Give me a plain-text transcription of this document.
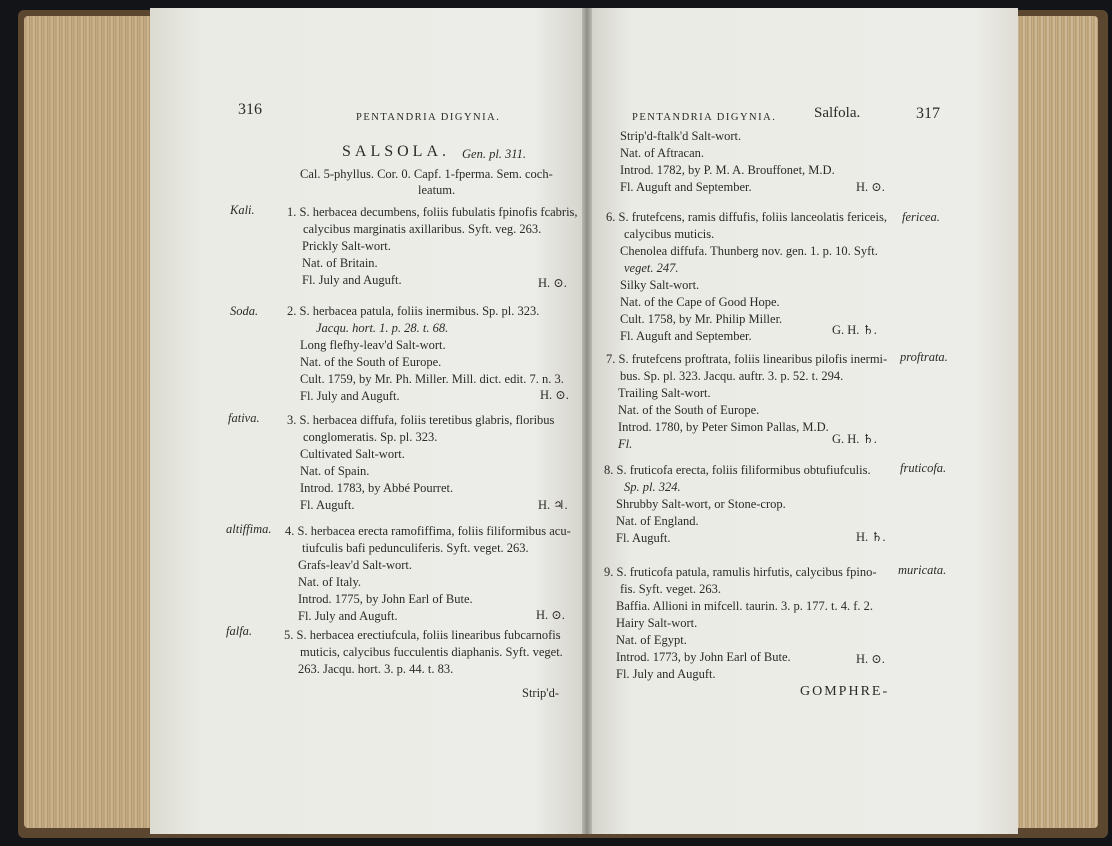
316	PENTANDRIA DIGYNIA.
SALSOLA. Gen. pl. 311.
Cal. 5-phyllus. Cor. 0. Capf. 1-fperma. Sem. coch-
leatum.
Kali.	1. S. herbacea decumbens, foliis fubulatis fpinofis fcabris,
calycibus marginatis axillaribus. Syft. veg. 263.
Prickly Salt-wort.
Nat. of Britain.
Fl. July and Auguft.	H. ⊙.
Soda. 2. S. herbacea patula, foliis inermibus. Sp. pl. 323.
Jacqu. hort. 1. p. 28. t. 68.
Long flefhy-leav'd Salt-wort.
Nat. of the South of Europe.
Cult. 1759, by Mr. Ph. Miller. Mill. dict. edit. 7. n. 3.
Fl. July and Auguft.	H. ⊙.
fativa. 3. S. herbacea diffufa, foliis teretibus glabris, floribus
conglomeratis. Sp. pl. 323.
Cultivated Salt-wort.
Nat. of Spain.
Introd. 1783, by Abbé Pourret.
Fl. Auguft.	H. ♃.
altiffima. 4. S. herbacea erecta ramofiffima, foliis filiformibus acu-
tiufculis bafi pedunculiferis. Syft. veget. 263.
Grafs-leav'd Salt-wort.
Nat. of Italy.
Introd. 1775, by John Earl of Bute.
Fl. July and Auguft.	H. ⊙.
falfa.	5. S. herbacea erectiufcula, foliis linearibus fubcarnofis
muticis, calycibus fucculentis diaphanis. Syft. veget.
263. Jacqu. hort. 3. p. 44. t. 83.
Strip'd-
PENTANDRIA DIGYNIA.	Salfola.	317
Strip'd-ftalk'd Salt-wort.
Nat. of Aftracan.
Introd. 1782, by P. M. A. Brouffonet, M.D.
Fl. Auguft and September.	H. ⊙.
6. S. frutefcens, ramis diffufis, foliis lanceolatis fericeis, fericea.
calycibus muticis.
Chenolea diffufa. Thunberg nov. gen. 1. p. 10. Syft.
veget. 247.
Silky Salt-wort.
Nat. of the Cape of Good Hope.
Cult. 1758, by Mr. Philip Miller.
Fl. Auguft and September.	G. H. ♄.
7. S. frutefcens proftrata, foliis linearibus pilofis inermi- proftrata.
bus. Sp. pl. 323. Jacqu. auftr. 3. p. 52. t. 294.
Trailing Salt-wort.
Nat. of the South of Europe.
Introd. 1780, by Peter Simon Pallas, M.D.
Fl.	G. H. ♄.
8. S. fruticofa erecta, foliis filiformibus obtufiufculis. fruticofa.
Sp. pl. 324.
Shrubby Salt-wort, or Stone-crop.
Nat. of England.
Fl. Auguft.	H. ♄.
9. S. fruticofa patula, ramulis hirfutis, calycibus fpino- muricata.
fis. Syft. veget. 263.
Baffia. Allioni in mifcell. taurin. 3. p. 177. t. 4. f. 2.
Hairy Salt-wort.
Nat. of Egypt.
Introd. 1773, by John Earl of Bute.
Fl. July and Auguft.
H. ⊙.
GOMPHRE-
